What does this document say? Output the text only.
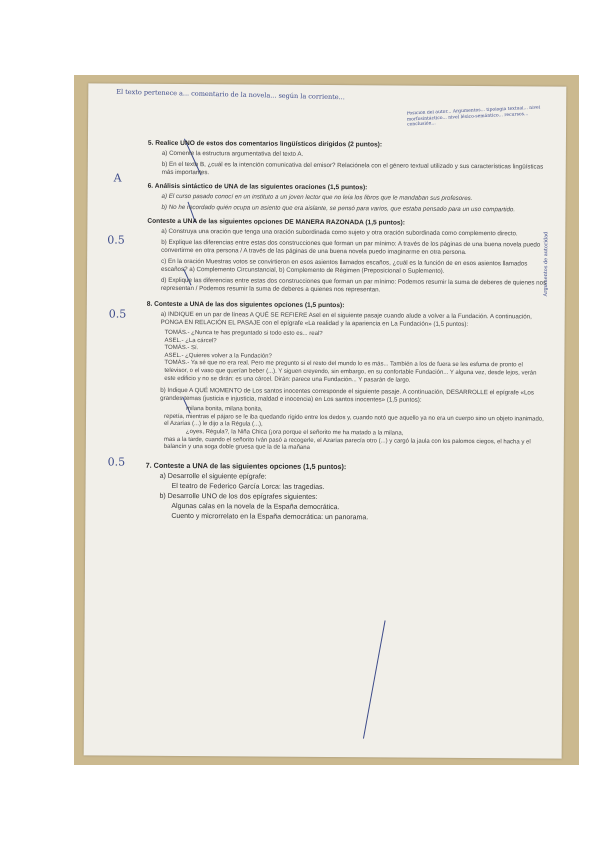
El texto pertenece a... comentario de la novela... según la corriente...
Posición del autor... Argumentos... tipología textual... nivel morfosintáctico... nivel léxico-semántico... recursos... conclusión...
Argumentos de autoridad
A
0.5
0.5
0.5
5. Realice UNO de estos dos comentarios lingüísticos dirigidos (2 puntos):
a) Comente la estructura argumentativa del texto A.
b) En el texto B, ¿cuál es la intención comunicativa del emisor? Relaciónela con el género textual utilizado y sus características lingüísticas más importantes.
6. Análisis sintáctico de UNA de las siguientes oraciones (1,5 puntos):
a) El curso pasado conocí en un instituto a un joven lector que no leía los libros que le mandaban sus profesores.
b) No he recordado quién ocupa un asiento que era aislante, se pensó para varios, que estaba pensado para un uso compartido.
Conteste a UNA de las siguientes opciones DE MANERA RAZONADA (1,5 puntos):
a) Construya una oración que tenga una oración subordinada como sujeto y otra oración subordinada como complemento directo.
b) Explique las diferencias entre estas dos construcciones que forman un par mínimo: A través de los páginas de una buena novela puedo convertirme en otra persona / A través de las páginas de una buena novela puedo imaginarme en otra persona.
c) En la oración Muestras votos se convirtieron en esos asientos llamados escaños, ¿cuál es la función de en esos asientos llamados escaños? a) Complemento Circunstancial, b) Complemento de Régimen (Preposicional o Suplemento).
d) Explique las diferencias entre estas dos construcciones que forman un par mínimo: Podemos resumir la suma de deberes de quienes nos representan / Podemos resumir la suma de deberes a quienes nos representan.
8. Conteste a UNA de las dos siguientes opciones (1,5 puntos):
a) INDIQUE en un par de líneas A QUÉ SE REFIERE Asel en el siguiente pasaje cuando alude a volver a la Fundación. A continuación, PONGA EN RELACIÓN EL PASAJE con el epígrafe «La realidad y la apariencia en La Fundación» (1,5 puntos):
TOMÁS.- ¿Nunca te has preguntado si todo esto es... real?
ASEL.- ¿La cárcel?
TOMÁS.- Sí.
ASEL.- ¿Quieres volver a la Fundación?
TOMÁS.- Ya sé que no era real. Pero me pregunto si el resto del mundo lo es más... También a los de fuera se les esfuma de pronto el televisor, o el vaso que querían beber (...). Y siguen creyendo, sin embargo, en su confortable Fundación... Y alguna vez, desde lejos, verán este edificio y no se dirán: es una cárcel. Dirán: parece una Fundación... Y pasarán de largo.
b) Indique A QUÉ MOMENTO de Los santos inocentes corresponde el siguiente pasaje. A continuación, DESARROLLE el epígrafe «Los grandes temas (justicia e injusticia, maldad e inocencia) en Los santos inocentes» (1,5 puntos):
milana bonita, milana bonita,
repetía, mientras el pájaro se le iba quedando rígido entre los dedos y, cuando notó que aquello ya no era un cuerpo sino un objeto inanimado, el Azarías (...) le dijo a la Régula (...),
¿oyes, Régula?, la Niña Chica (¡ora porque el señorito me ha matado a la milana,
mas a la tarde, cuando el señorito Iván pasó a recogerle, el Azarías parecía otro (...) y cargó la jaula con los palomos ciegos, el hacha y el balancín y una soga doble gruesa que la de la mañana
7. Conteste a UNA de las siguientes opciones (1,5 puntos):
a) Desarrolle el siguiente epígrafe:
El teatro de Federico García Lorca: las tragedias.
b) Desarrolle UNO de los dos epígrafes siguientes:
Algunas calas en la novela de la España democrática.
Cuento y microrrelato en la España democrática: un panorama.
